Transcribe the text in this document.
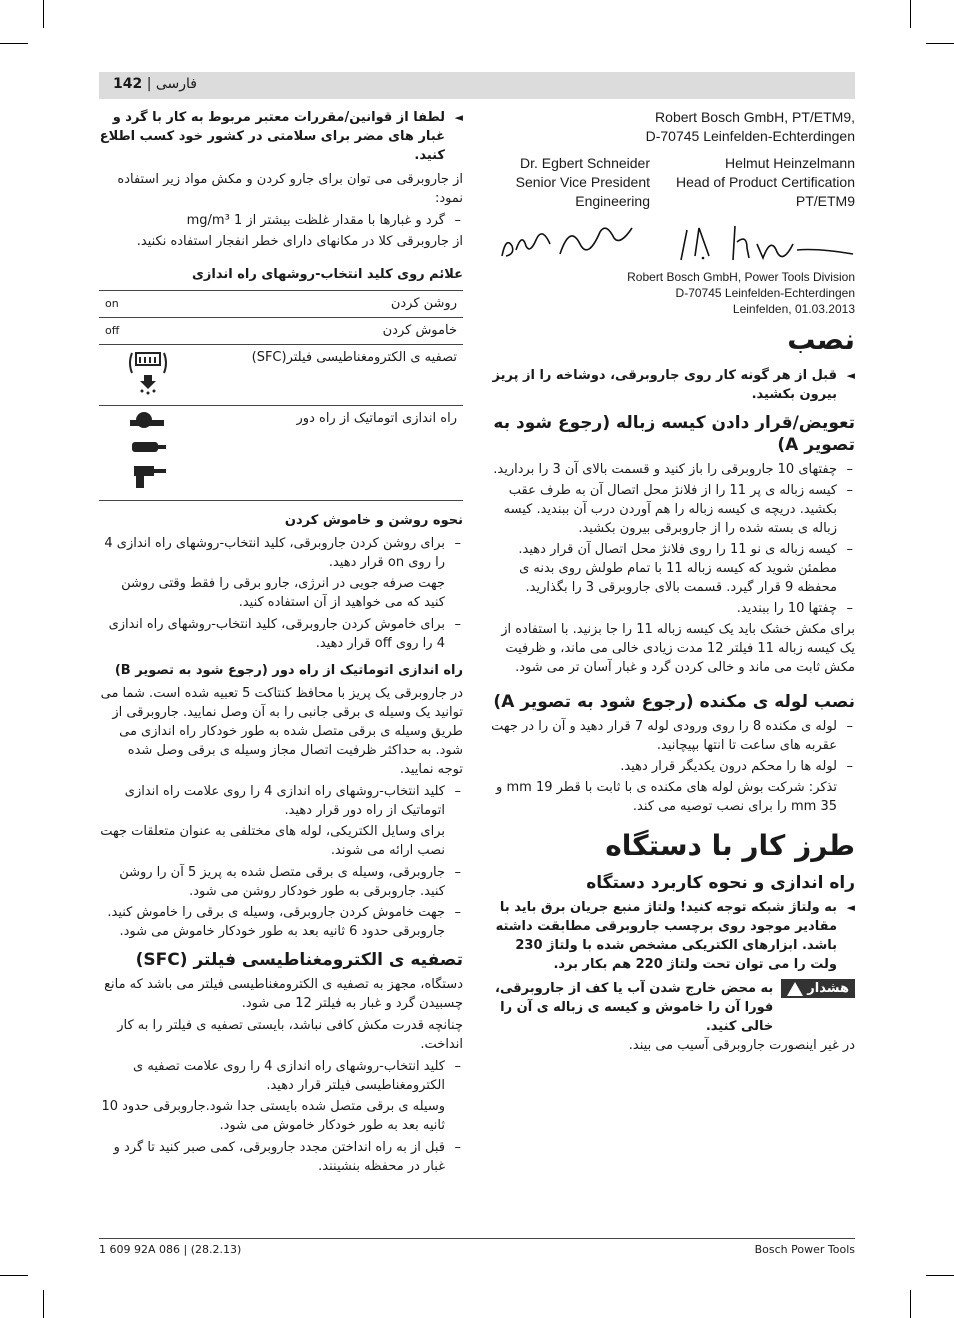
142 | فارسی
◄ لطفا از قوانین/مقررات معتبر مربوط به کار با گرد و غبار های مضر برای سلامتی در کشور خود کسب اطلاع کنید.
از جاروبرقی می توان برای جارو کردن و مکش مواد زیر استفاده نمود:
– گرد و غبارها با مقدار غلظت بیشتر از 1 mg/m³
از جاروبرقی کلا در مکانهای دارای خطر انفجار استفاده نکنید.
علائم روی کلید انتخاب-روشهای راه اندازی
روشن کردن	on
خاموش کردن	off
تصفیه ی الکترومغناطیسی فیلتر(SFC)	
راه اندازی اتوماتیک از راه دور	
نحوه روشن و خاموش کردن
– برای روشن کردن جاروبرقی، کلید انتخاب-روشهای راه اندازی 4 را روی on قرار دهید.
جهت صرفه جویی در انرژی، جارو برقی را فقط وقتی روشن کنید که می خواهید از آن استفاده کنید.
– برای خاموش کردن جاروبرقی، کلید انتخاب-روشهای راه اندازی 4 را روی off قرار دهید.
راه اندازی اتوماتیک از راه دور (رجوع شود به تصویر B)
در جاروبرقی یک پریز با محافظ کنتاکت 5 تعبیه شده است. شما می توانید یک وسیله ی برقی جانبی را به آن وصل نمایید. جاروبرقی از طریق وسیله ی برقی متصل شده به طور خودکار راه اندازی می شود. به حداکثر ظرفیت اتصال مجاز وسیله ی برقی وصل شده توجه نمایید.
– کلید انتخاب-روشهای راه اندازی 4 را روی علامت راه اندازی اتوماتیک از راه دور قرار دهید.
برای وسایل الکتریکی، لوله های مختلفی به عنوان متعلقات جهت نصب ارائه می شوند.
– جاروبرقی، وسیله ی برقی متصل شده به پریز 5 آن را روشن کنید. جاروبرقی به طور خودکار روشن می شود.
– جهت خاموش کردن جاروبرقی، وسیله ی برقی را خاموش کنید. جاروبرقی حدود 6 ثانیه بعد به طور خودکار خاموش می شود.
تصفیه ی الکترومغناطیسی فیلتر (SFC)
دستگاه، مجهز به تصفیه ی الکترومغناطیسی فیلتر می باشد که مانع چسبیدن گرد و غبار به فیلتر 12 می شود.
چنانچه قدرت مکش کافی نباشد، بایستی تصفیه ی فیلتر را به کار انداخت.
– کلید انتخاب-روشهای راه اندازی 4 را روی علامت تصفیه ی الکترومغناطیسی فیلتر قرار دهید.
وسیله ی برقی متصل شده بایستی جدا شود.جاروبرقی حدود 10 ثانیه بعد به طور خودکار خاموش می شود.
– قبل از به راه انداختن مجدد جاروبرقی، کمی صبر کنید تا گرد و غبار در محفظه بنشینند.
Robert Bosch GmbH, PT/ETM9,
D-70745 Leinfelden-Echterdingen
Dr. Egbert Schneider
Senior Vice President
Engineering
Helmut Heinzelmann
Head of Product Certification
PT/ETM9
Robert Bosch GmbH, Power Tools Division
D-70745 Leinfelden-Echterdingen
Leinfelden, 01.03.2013
نصب
◄ قبل از هر گونه کار روی جاروبرقی، دوشاخه را از پریز بیرون بکشید.
تعویض/قرار دادن کیسه زباله (رجوع شود به تصویر A)
– چفتهای 10 جاروبرقی را باز کنید و قسمت بالای آن 3 را بردارید.
– کیسه زباله ی پر 11 را از فلانژ محل اتصال آن به طرف عقب بکشید. دریچه ی کیسه زباله را هم آوردن درب آن ببندید. کیسه زباله ی بسته شده را از جاروبرقی بیرون بکشید.
– کیسه زباله ی نو 11 را روی فلانژ محل اتصال آن قرار دهید. مطمئن شوید که کیسه زباله 11 با تمام طولش روی بدنه ی محفظه 9 قرار گیرد. قسمت بالای جاروبرقی 3 را بگذارید.
– چفتها 10 را ببندید.
برای مکش خشک باید یک کیسه زباله 11 را جا بزنید. با استفاده از یک کیسه زباله 11 فیلتر 12 مدت زیادی خالی می ماند، و ظرفیت مکش ثابت می ماند و خالی کردن گرد و غبار آسان تر می شود.
نصب لوله ی مکنده (رجوع شود به تصویر A)
– لوله ی مکنده 8 را روی ورودی لوله 7 قرار دهید و آن را در جهت عقربه های ساعت تا انتها بپیچانید.
– لوله ها را محکم درون یکدیگر قرار دهید.
تذکر: شرکت بوش لوله های مکنده ی با ثابت با قطر 19 mm و 35 mm را برای نصب توصیه می کند.
طرز کار با دستگاه
راه اندازی و نحوه کاربرد دستگاه
◄ به ولتاژ شبکه توجه کنید! ولتاژ منبع جریان برق باید با مقادیر موجود روی برچسب جاروبرقی مطابقت داشته باشد. ابزارهای الکتریکی مشخص شده با ولتاژ 230 ولت را می توان تحت ولتاژ 220 هم بکار برد.
هشدار
به محض خارج شدن آب یا کف از جاروبرقی، فورا آن را خاموش و کیسه ی زباله ی آن را خالی کنید.
در غیر اینصورت جاروبرقی آسیب می بیند.
1 609 92A 086 | (28.2.13)	Bosch Power Tools
